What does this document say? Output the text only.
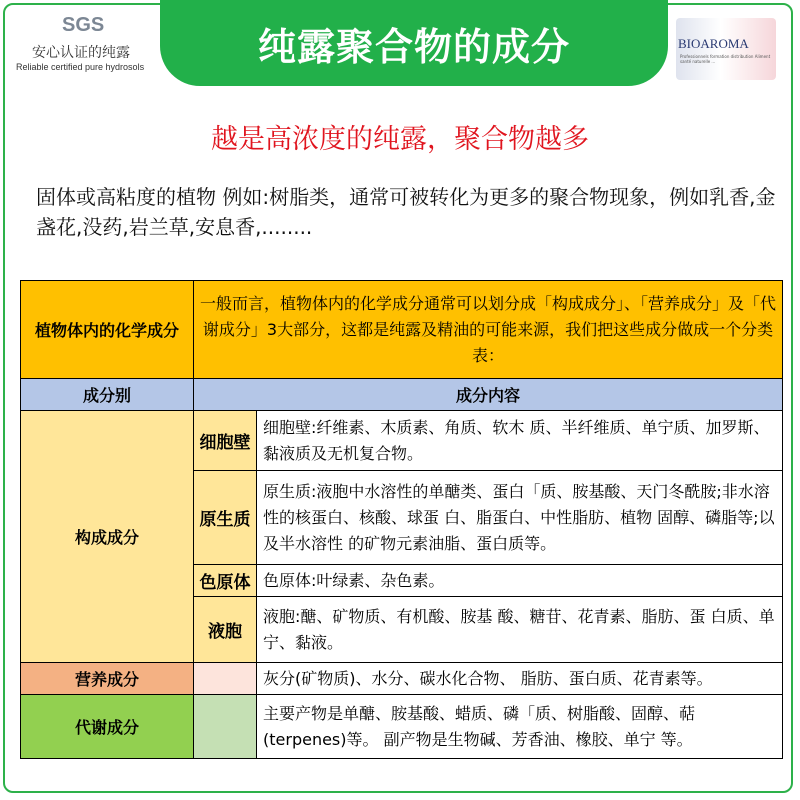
纯露聚合物的成分
SGS
安心认证的纯露
Reliable certified pure hydrosols
BIOAROMA
Professionnels formation distribution Aliment santé naturelle ...
越是高浓度的纯露，聚合物越多
固体或高粘度的植物 例如:树脂类，通常可被转化为更多的聚合物现象，例如乳香,金盏花,没药,岩兰草,安息香,........
植物体内的化学成分	一般而言，植物体内的化学成分通常可以划分成「构成成分」、「营养成分」及「代谢成分」3大部分，这都是纯露及精油的可能来源，我们把这些成分做成一个分类表：	
成分别	成分内容	
构成成分	细胞壁	细胞壁:纤维素、木质素、角质、软木 质、半纤维质、单宁质、加罗斯、黏液质及无机复合物。
	原生质	原生质:液胞中水溶性的单醣类、蛋白「质、胺基酸、天门冬酰胺;非水溶性的核蛋白、核酸、球蛋 白、脂蛋白、中性脂肪、植物 固醇、磷脂等;以及半水溶性 的矿物元素油脂、蛋白质等。
	色原体	色原体:叶绿素、杂色素。
	液胞	液胞:醣、矿物质、有机酸、胺基 酸、糖苷、花青素、脂肪、蛋 白质、单宁、黏液。
营养成分		灰分(矿物质)、水分、碳水化合物、 脂肪、蛋白质、花青素等。
代谢成分		主要产物是单醣、胺基酸、蜡质、磷「质、树脂酸、固醇、萜(terpenes)等。 副产物是生物碱、芳香油、橡胶、单宁 等。
